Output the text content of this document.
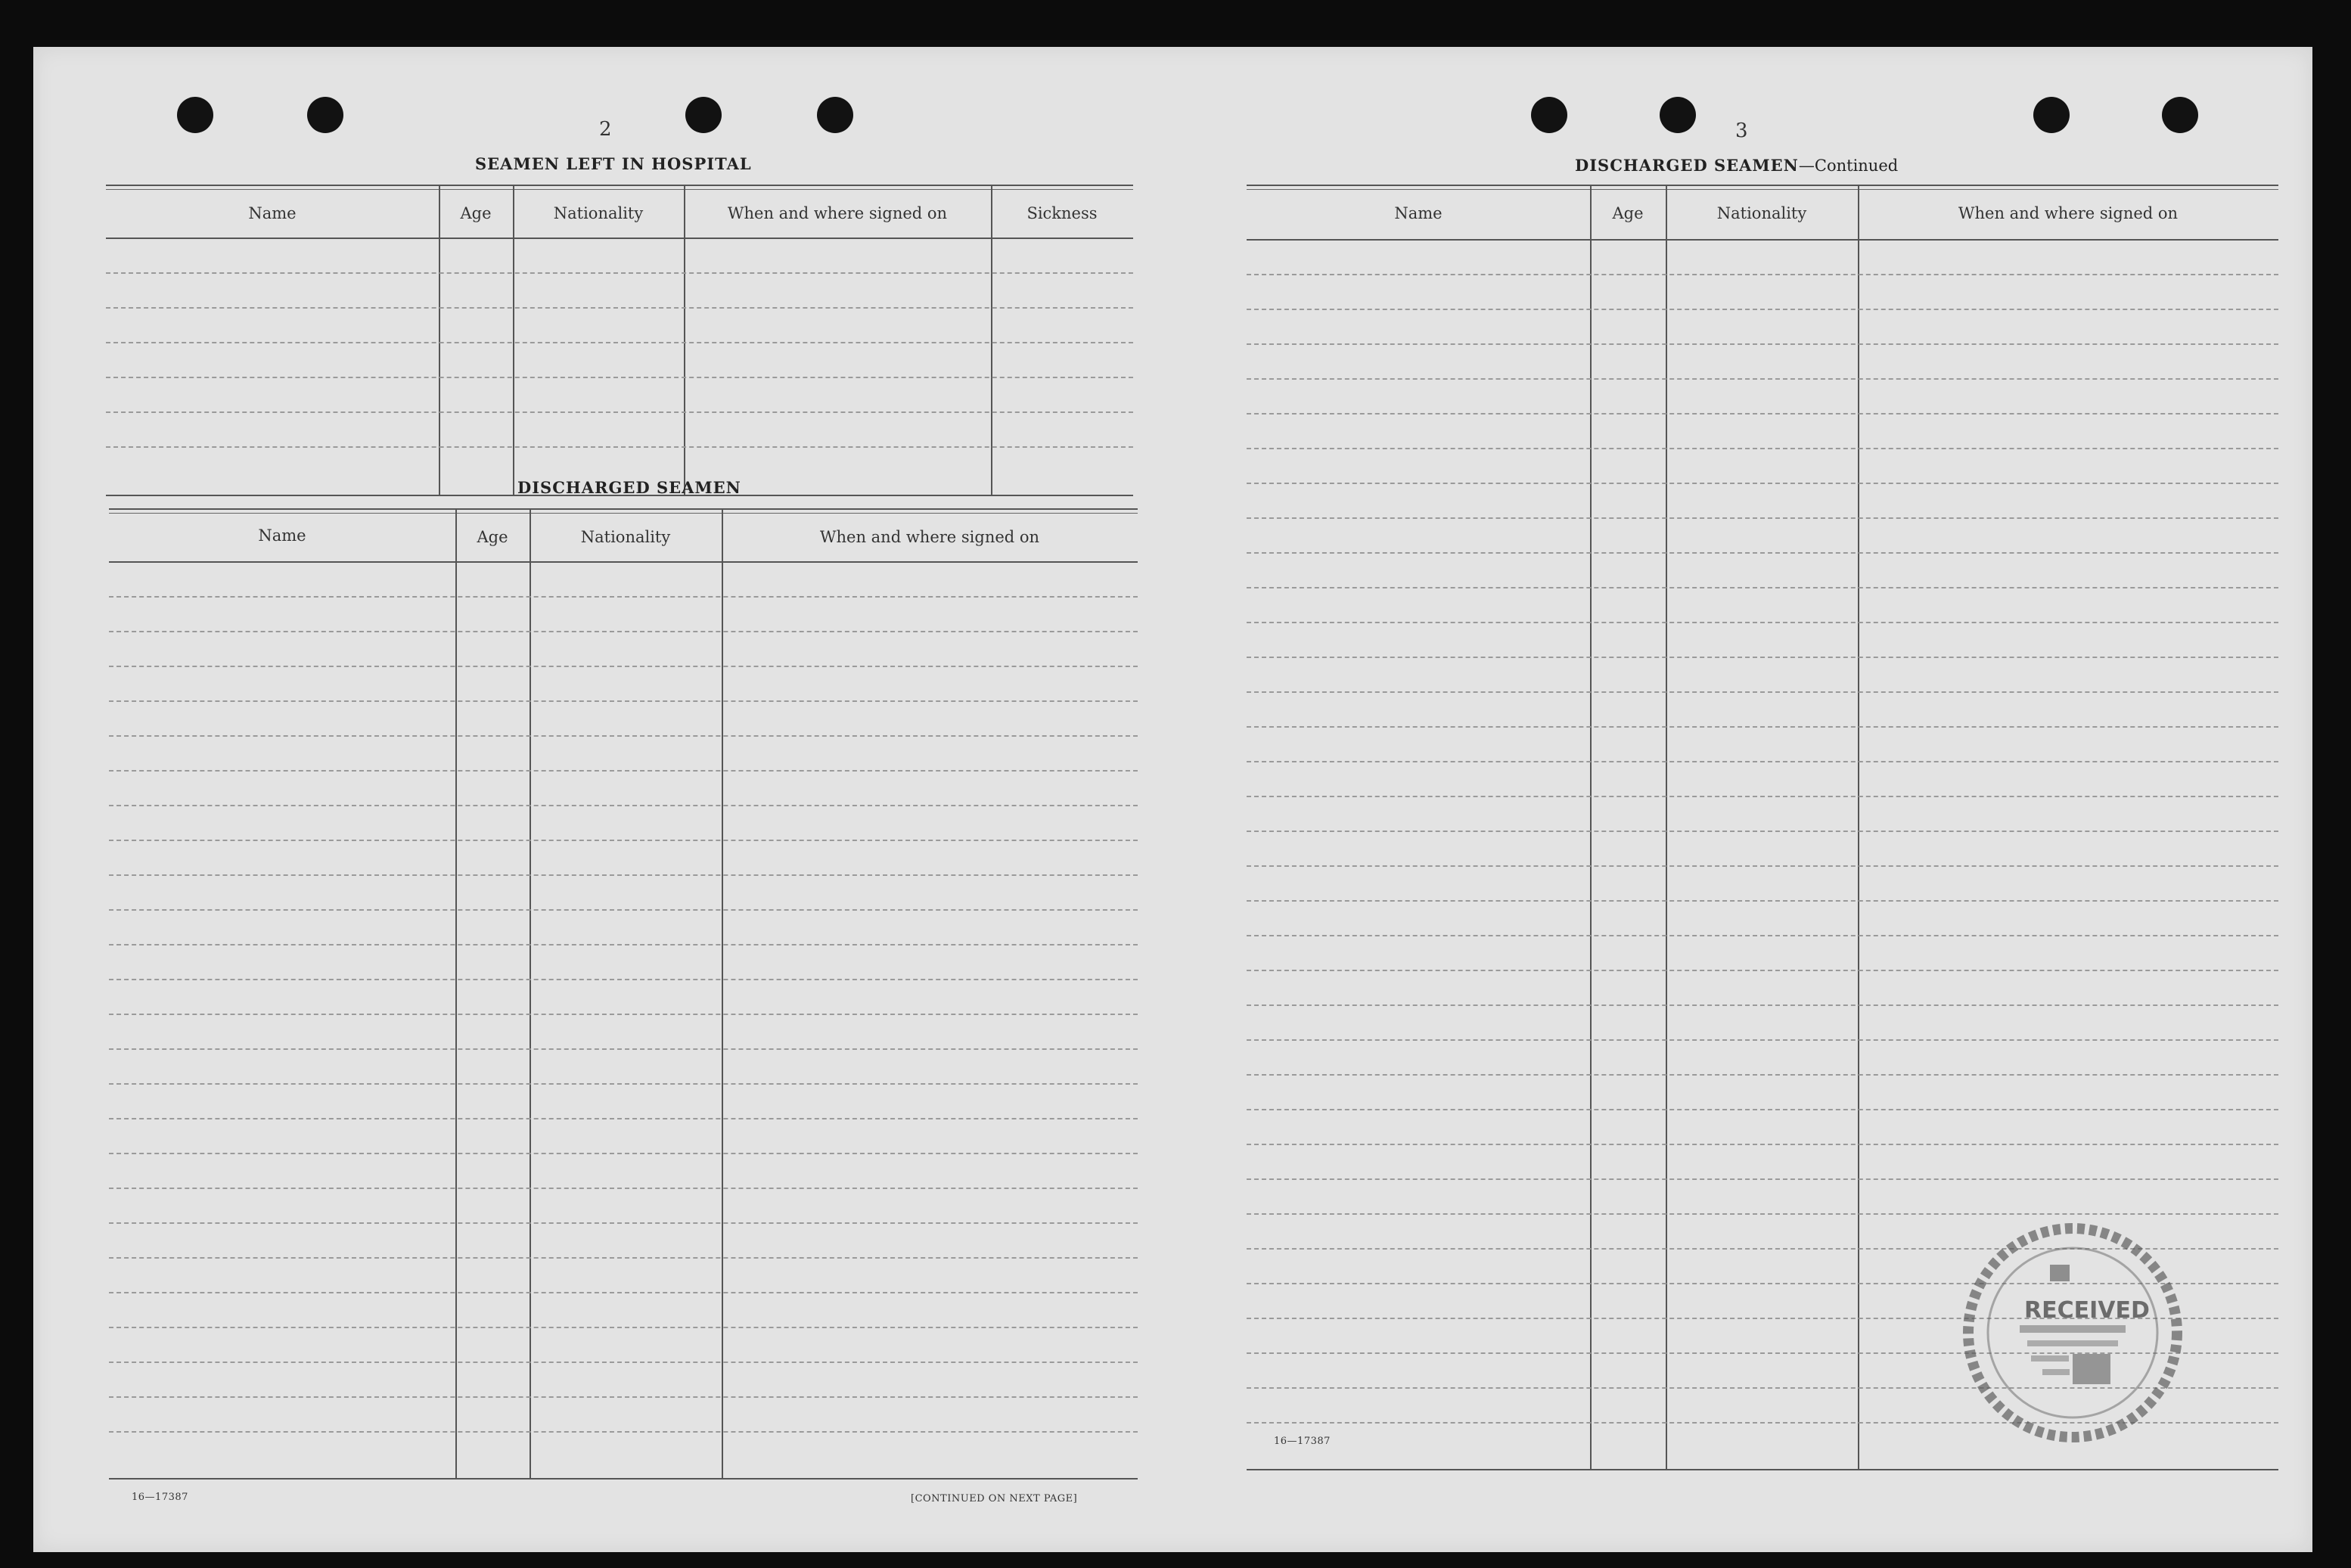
2
SEAMEN LEFT IN HOSPITAL
Name	Age	Nationality	When and where signed on	Sickness
DISCHARGED SEAMEN
Name	Age	Nationality	When and where signed on
16—17387	[CONTINUED ON NEXT PAGE]
3
DISCHARGED SEAMEN—Continued
Name	Age	Nationality	When and where signed on
16—17387
RECEIVED
